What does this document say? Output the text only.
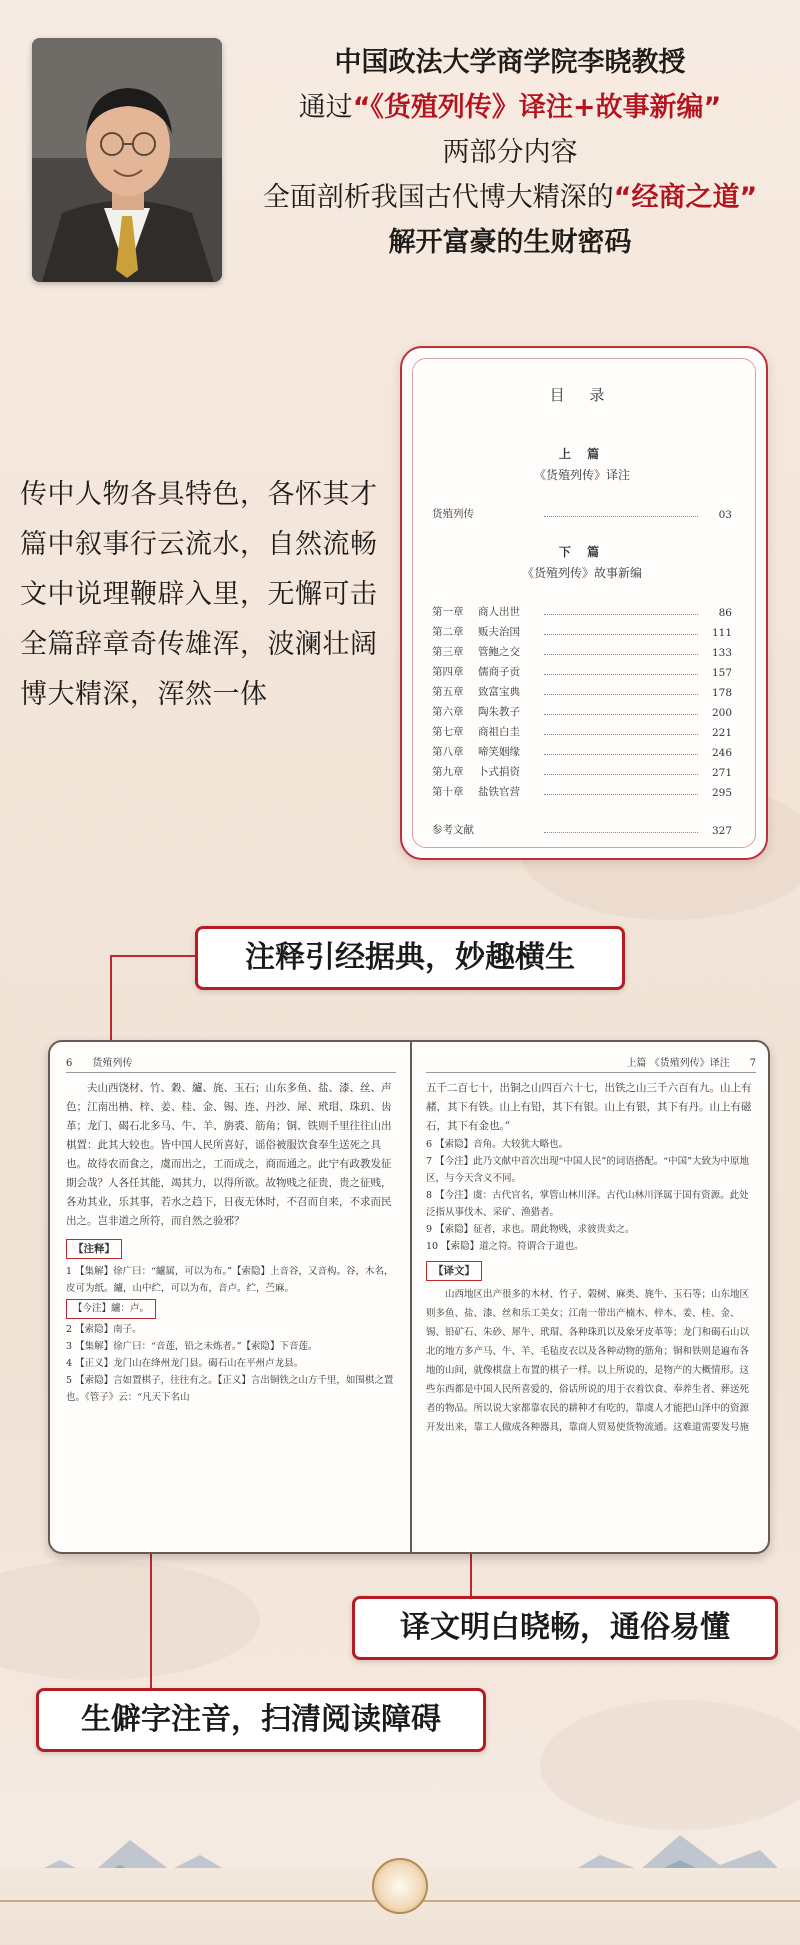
中国政法大学商学院李晓教授
通过“《货殖列传》译注+故事新编”
两部分内容
全面剖析我国古代博大精深的“经商之道”
解开富豪的生财密码
传中人物各具特色，各怀其才
篇中叙事行云流水，自然流畅
文中说理鞭辟入里，无懈可击
全篇辞章奇传雄浑，波澜壮阔
博大精深，浑然一体
目 录
上 篇
《货殖列传》译注
货殖列传	03
下 篇
《货殖列传》故事新编
第一章	商人出世	86
第二章	贩夫治国	111
第三章	管鲍之交	133
第四章	儒商子贡	157
第五章	致富宝典	178
第六章	陶朱教子	200
第七章	商祖白圭	221
第八章	啼笑姻缘	246
第九章	卜式捐资	271
第十章	盐铁官营	295
参考文献	327
6	货殖列传

夫山西饶材、竹、穀、纑、旄、玉石；山东多鱼、盐、漆、丝、声色；江南出柟、梓、姜、桂、金、锡、连、丹沙、犀、玳瑁、珠玑、齿革；龙门、碣石北多马、牛、羊、旃裘、筋角；铜、铁则千里往往山出棋置：此其大较也。皆中国人民所喜好，谣俗被服饮食奉生送死之具也。故待农而食之，虞而出之，工而成之，商而通之。此宁有政教发征期会哉？人各任其能，竭其力，以得所欲。故物贱之征贵，贵之征贱，各劝其业，乐其事，若水之趋下，日夜无休时，不召而自来，不求而民出之。岂非道之所符，而自然之验邪？

【注释】
1 【集解】徐广曰：“纑属，可以为布。”【索隐】上音谷，又音构。谷，木名，皮可为纸。纑，山中纻，可以为布，音卢。纻，苎麻。
【今注】纑：卢。
2 【索隐】南子。
3 【集解】徐广曰：“音莲，铅之未炼者。”【索隐】下音莲。
4 【正义】龙门山在绛州龙门县。碣石山在平州卢龙县。
5 【索隐】言如置棋子，往往有之。【正义】言出铜铁之山方千里，如围棋之置也。《管子》云：“凡天下名山
上篇 《货殖列传》译注	7
五千二百七十，出铜之山四百六十七，出铁之山三千六百有九。山上有赭，其下有铁。山上有铅，其下有银。山上有银，其下有丹。山上有磁石，其下有金也。”
6 【索隐】音角。大较犹大略也。
7 【今注】此乃文献中首次出现“中国人民”的词语搭配。“中国”大致为中原地区，与今天含义不同。
8 【今注】虞：古代官名，掌管山林川泽。古代山林川泽属于国有资源。此处泛指从事伐木、采矿、渔猎者。
9 【索隐】征者，求也。谓此物贱，求彼贵卖之。
10 【索隐】道之符。符谓合于道也。
【译文】

山西地区出产很多的木材、竹子、榖树、麻类、旄牛、玉石等；山东地区则多鱼、盐、漆、丝和乐工美女；江南一带出产楠木、梓木、姜、桂、金、锡、铅矿石、朱砂、犀牛、玳瑁、各种珠玑以及象牙皮革等；龙门和碣石山以北的地方多产马、牛、羊、毛毡皮衣以及各种动物的筋角；铜和铁则是遍布各地的山间，就像棋盘上布置的棋子一样。以上所说的，是物产的大概情形。这些东西都是中国人民所喜爱的，俗话所说的用于衣着饮食、奉养生者、葬送死者的物品。所以说大家都靠农民的耕种才有吃的，靠虞人才能把山泽中的资源开发出来，靠工人做成各种器具，靠商人贸易使货物流通。这难道需要发号施

注释引经据典，妙趣横生
译文明白晓畅，通俗易懂
生僻字注音，扫清阅读障碍
